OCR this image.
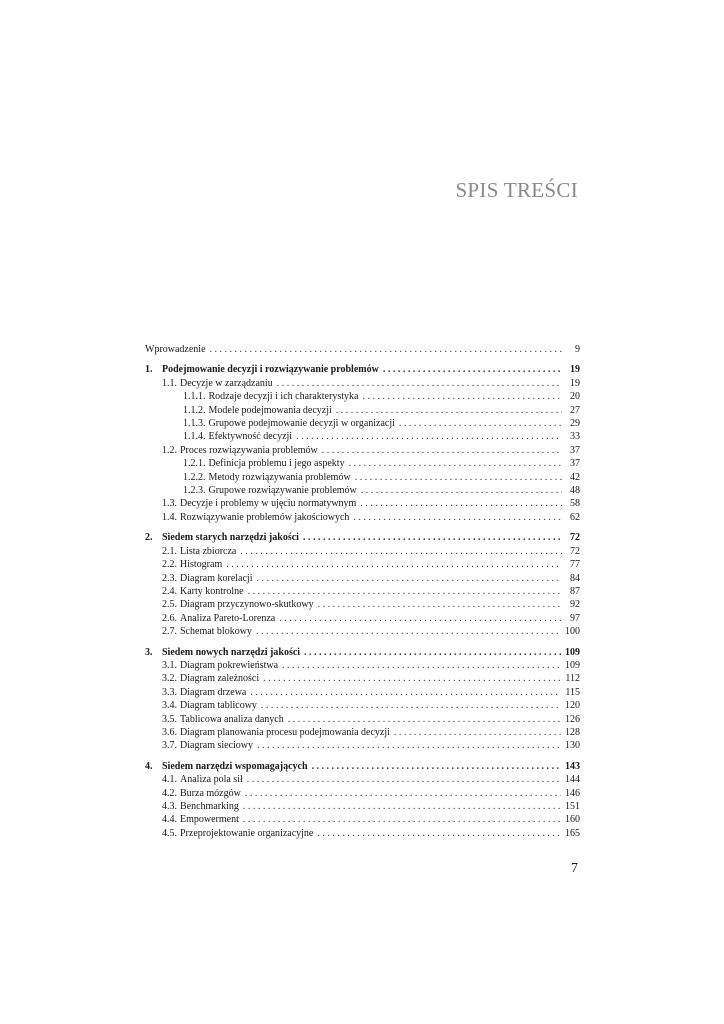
SPIS TREŚCI
Wprowadzenie . . .	9
1. Podejmowanie decyzji i rozwiązywanie problemów . . .	19
1.1. Decyzje w zarządzaniu . . .	19
1.1.1. Rodzaje decyzji i ich charakterystyka . . .	20
1.1.2. Modele podejmowania decyzji . . .	27
1.1.3. Grupowe podejmowanie decyzji w organizacji . . .	29
1.1.4. Efektywność decyzji . . .	33
1.2. Proces rozwiązywania problemów . . .	37
1.2.1. Definicja problemu i jego aspekty . . .	37
1.2.2. Metody rozwiązywania problemów . . .	42
1.2.3. Grupowe rozwiązywanie problemów . . .	48
1.3. Decyzje i problemy w ujęciu normatywnym . . .	58
1.4. Rozwiązywanie problemów jakościowych . . .	62
2. Siedem starych narzędzi jakości . . .	72
2.1. Lista zbiorcza . . .	72
2.2. Histogram . . .	77
2.3. Diagram korelacji . . .	84
2.4. Karty kontrolne . . .	87
2.5. Diagram przyczynowo-skutkowy . . .	92
2.6. Analiza Pareto-Lorenza . . .	97
2.7. Schemat blokowy . . .	100
3. Siedem nowych narzędzi jakości . . .	109
3.1. Diagram pokrewieństwa . . .	109
3.2. Diagram zależności . . .	112
3.3. Diagram drzewa . . .	115
3.4. Diagram tablicowy . . .	120
3.5. Tablicowa analiza danych . . .	126
3.6. Diagram planowania procesu podejmowania decyzji . . .	128
3.7. Diagram sieciowy . . .	130
4. Siedem narzędzi wspomagających . . .	143
4.1. Analiza pola sił . . .	144
4.2. Burza mózgów . . .	146
4.3. Benchmarking . . .	151
4.4. Empowerment . . .	160
4.5. Przeprojektowanie organizacyjne . . .	165
7
